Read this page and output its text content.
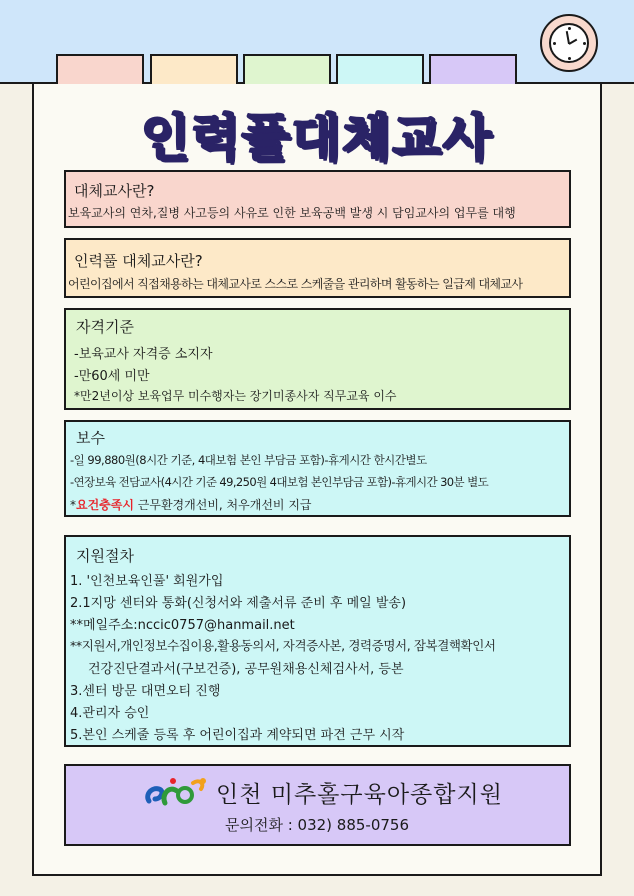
인력풀대체교사
대체교사란?
보육교사의 연차,질병 사고등의 사유로 인한 보육공백 발생 시 담임교사의 업무를 대행
인력풀 대체교사란?
어린이집에서 직접채용하는 대체교사로 스스로 스케줄을 관리하며 활동하는 일급제 대체교사
자격기준
-보육교사 자격증 소지자
-만60세 미만
*만2년이상 보육업무 미수행자는 장기미종사자 직무교육 이수
보수
-일 99,880원(8시간 기준, 4대보험 본인 부담금 포함)-휴게시간 한시간별도
-연장보육 전담교사(4시간 기준 49,250원 4대보험 본인부담금 포함)-휴게시간 30분 별도
*요건충족시 근무환경개선비, 처우개선비 지급
지원절차
1. '인천보육인풀' 회원가입
2.1지망 센터와 통화(신청서와 제출서류 준비 후 메일 발송)
**메일주소:nccic0757@hanmail.net
**지원서,개인정보수집이용,활용동의서, 자격증사본, 경력증명서, 잠복결핵확인서
건강진단결과서(구보건증), 공무원채용신체검사서, 등본
3.센터 방문 대면오티 진행
4.관리자 승인
5.본인 스케줄 등록 후 어린이집과 계약되면 파견 근무 시작
인천 미추홀구육아종합지원
문의전화 : 032) 885-0756
